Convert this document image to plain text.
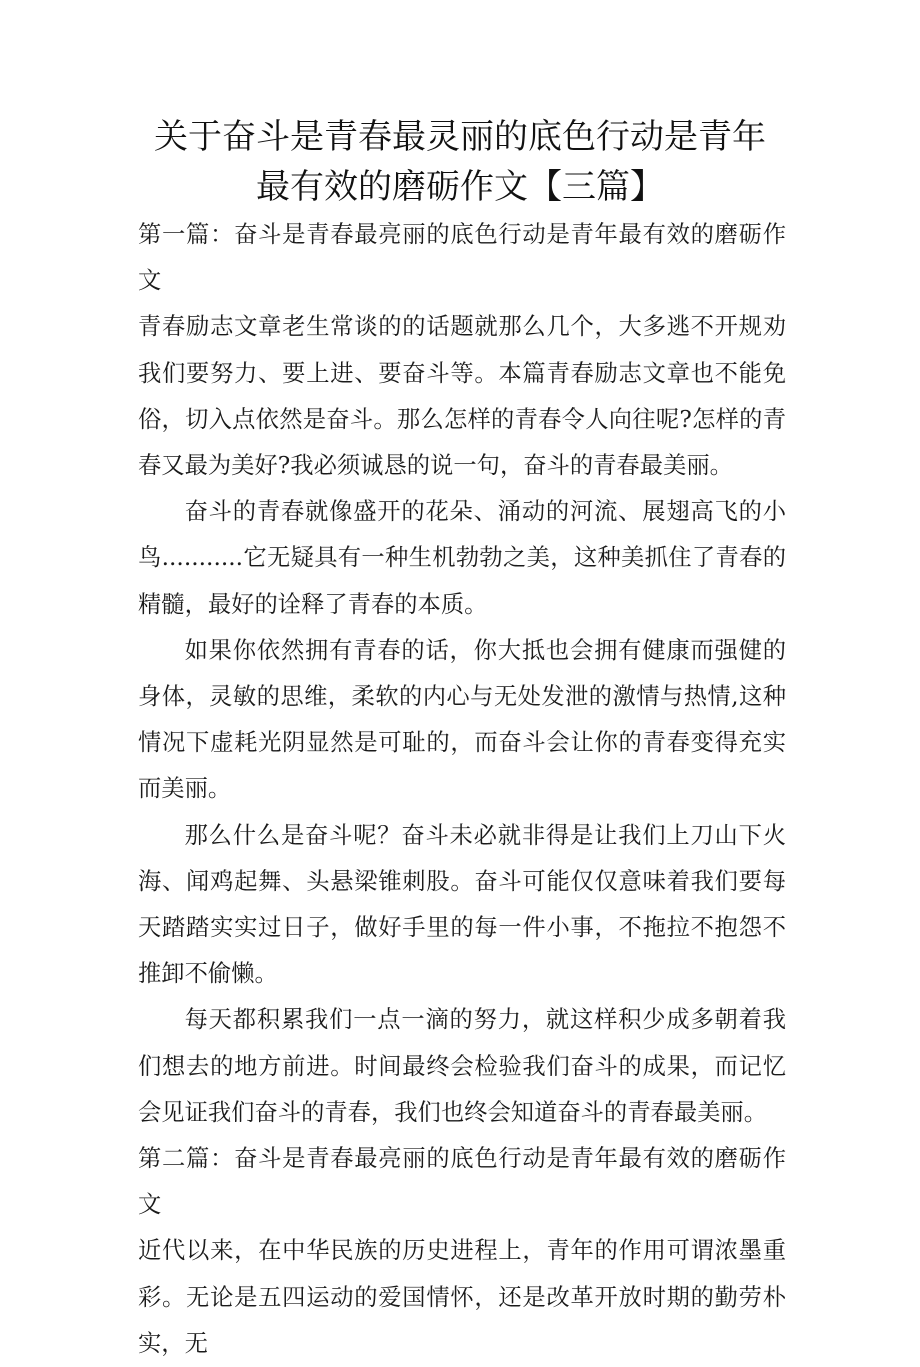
关于奋斗是青春最灵丽的底色行动是青年
最有效的磨砺作文【三篇】

第一篇：奋斗是青春最亮丽的底色行动是青年最有效的磨砺作文

青春励志文章老生常谈的的话题就那么几个，大多逃不开规劝我们要努力、要上进、要奋斗等。本篇青春励志文章也不能免俗，切入点依然是奋斗。那么怎样的青春令人向往呢?怎样的青春又最为美好?我必须诚恳的说一句，奋斗的青春最美丽。

奋斗的青春就像盛开的花朵、涌动的河流、展翅高飞的小鸟...........它无疑具有一种生机勃勃之美，这种美抓住了青春的精髓，最好的诠释了青春的本质。

如果你依然拥有青春的话，你大抵也会拥有健康而强健的身体，灵敏的思维，柔软的内心与无处发泄的激情与热情,这种情况下虚耗光阴显然是可耻的，而奋斗会让你的青春变得充实而美丽。

那么什么是奋斗呢？奋斗未必就非得是让我们上刀山下火海、闻鸡起舞、头悬梁锥刺股。奋斗可能仅仅意味着我们要每天踏踏实实过日子，做好手里的每一件小事，不拖拉不抱怨不推卸不偷懒。

每天都积累我们一点一滴的努力，就这样积少成多朝着我们想去的地方前进。时间最终会检验我们奋斗的成果，而记忆会见证我们奋斗的青春，我们也终会知道奋斗的青春最美丽。

第二篇：奋斗是青春最亮丽的底色行动是青年最有效的磨砺作文

近代以来，在中华民族的历史进程上，青年的作用可谓浓墨重彩。无论是五四运动的爱国情怀，还是改革开放时期的勤劳朴实，无
